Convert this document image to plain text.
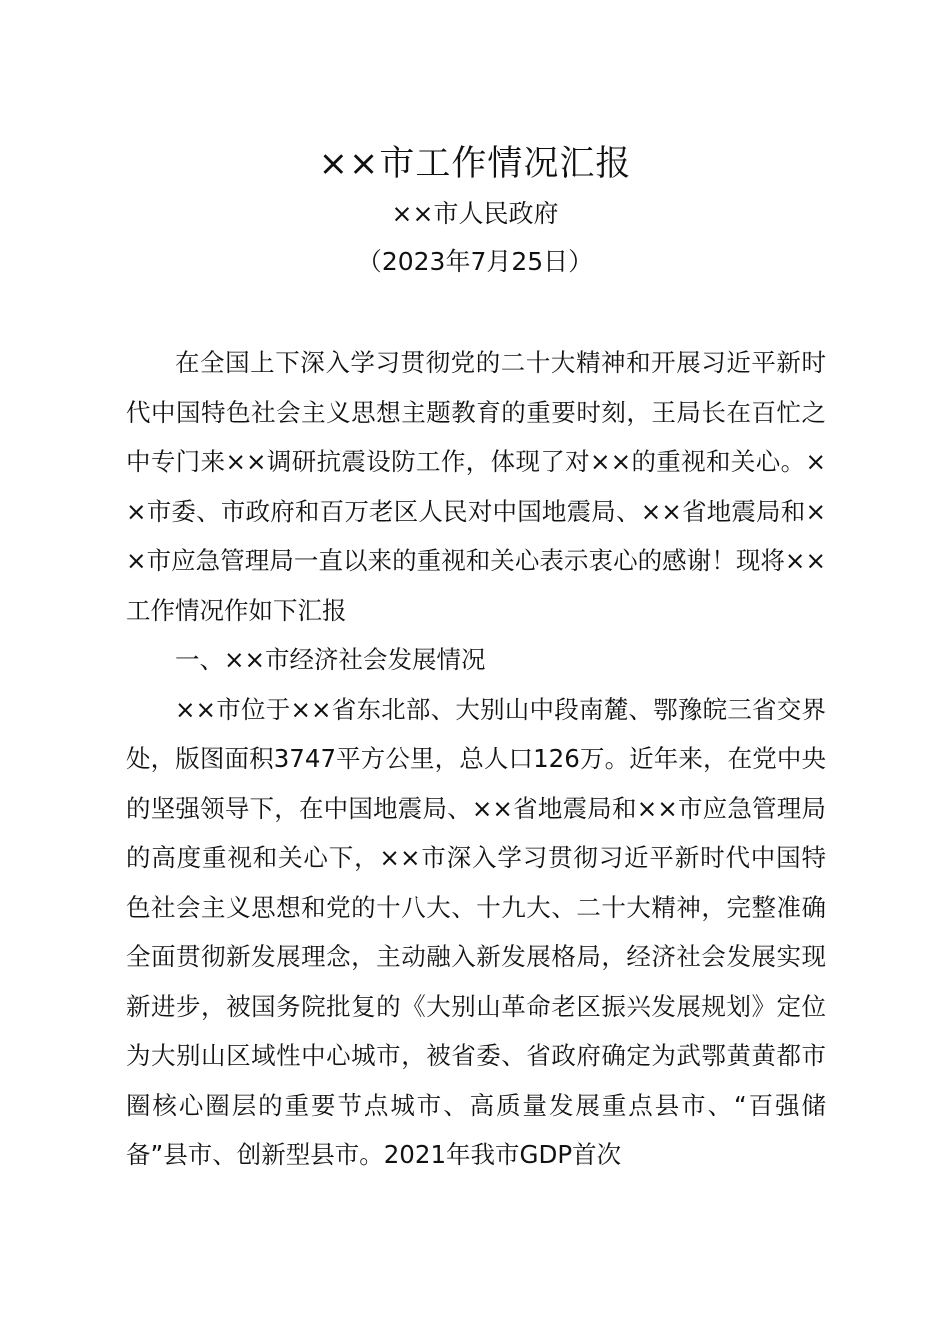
××市工作情况汇报

××市人民政府

（2023年7月25日）

在全国上下深入学习贯彻党的二十大精神和开展习近平新时代中国特色社会主义思想主题教育的重要时刻，王局长在百忙之中专门来××调研抗震设防工作，体现了对××的重视和关心。××市委、市政府和百万老区人民对中国地震局、××省地震局和××市应急管理局一直以来的重视和关心表示衷心的感谢！现将××工作情况作如下汇报

一、××市经济社会发展情况

××市位于××省东北部、大别山中段南麓、鄂豫皖三省交界处，版图面积3747平方公里，总人口126万。近年来，在党中央的坚强领导下，在中国地震局、××省地震局和××市应急管理局的高度重视和关心下，××市深入学习贯彻习近平新时代中国特色社会主义思想和党的十八大、十九大、二十大精神，完整准确全面贯彻新发展理念，主动融入新发展格局，经济社会发展实现新进步，被国务院批复的《大别山革命老区振兴发展规划》定位为大别山区域性中心城市，被省委、省政府确定为武鄂黄黄都市圈核心圈层的重要节点城市、高质量发展重点县市、“百强储备”县市、创新型县市。2021年我市GDP首次
